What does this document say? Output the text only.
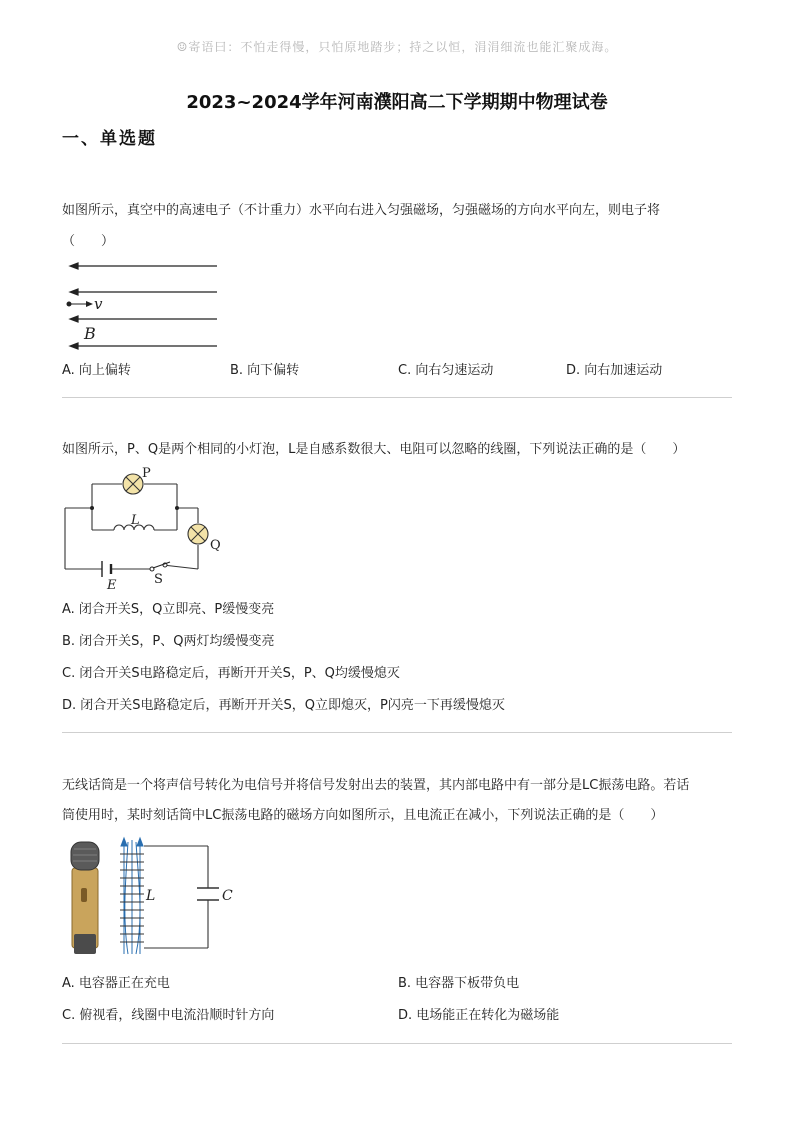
☺寄语曰：不怕走得慢，只怕原地踏步；持之以恒，涓涓细流也能汇聚成海。
2023~2024学年河南濮阳高二下学期期中物理试卷
一、单选题
如图所示，真空中的高速电子（不计重力）水平向右进入匀强磁场，匀强磁场的方向水平向左，则电子将
（　　）
v
B
A. 向上偏转	B. 向下偏转	C. 向右匀速运动	D. 向右加速运动
如图所示，P、Q是两个相同的小灯泡，L是自感系数很大、电阻可以忽略的线圈，下列说法正确的是（　　）
P
Q
L
E	S
A. 闭合开关S，Q立即亮、P缓慢变亮
B. 闭合开关S，P、Q两灯均缓慢变亮
C. 闭合开关S电路稳定后，再断开开关S，P、Q均缓慢熄灭
D. 闭合开关S电路稳定后，再断开开关S，Q立即熄灭，P闪亮一下再缓慢熄灭
无线话筒是一个将声信号转化为电信号并将信号发射出去的装置，其内部电路中有一部分是LC振荡电路。若话
筒使用时，某时刻话筒中LC振荡电路的磁场方向如图所示，且电流正在减小，下列说法正确的是（　　）
L	C
A. 电容器正在充电	B. 电容器下板带负电
C. 俯视看，线圈中电流沿顺时针方向	D. 电场能正在转化为磁场能
